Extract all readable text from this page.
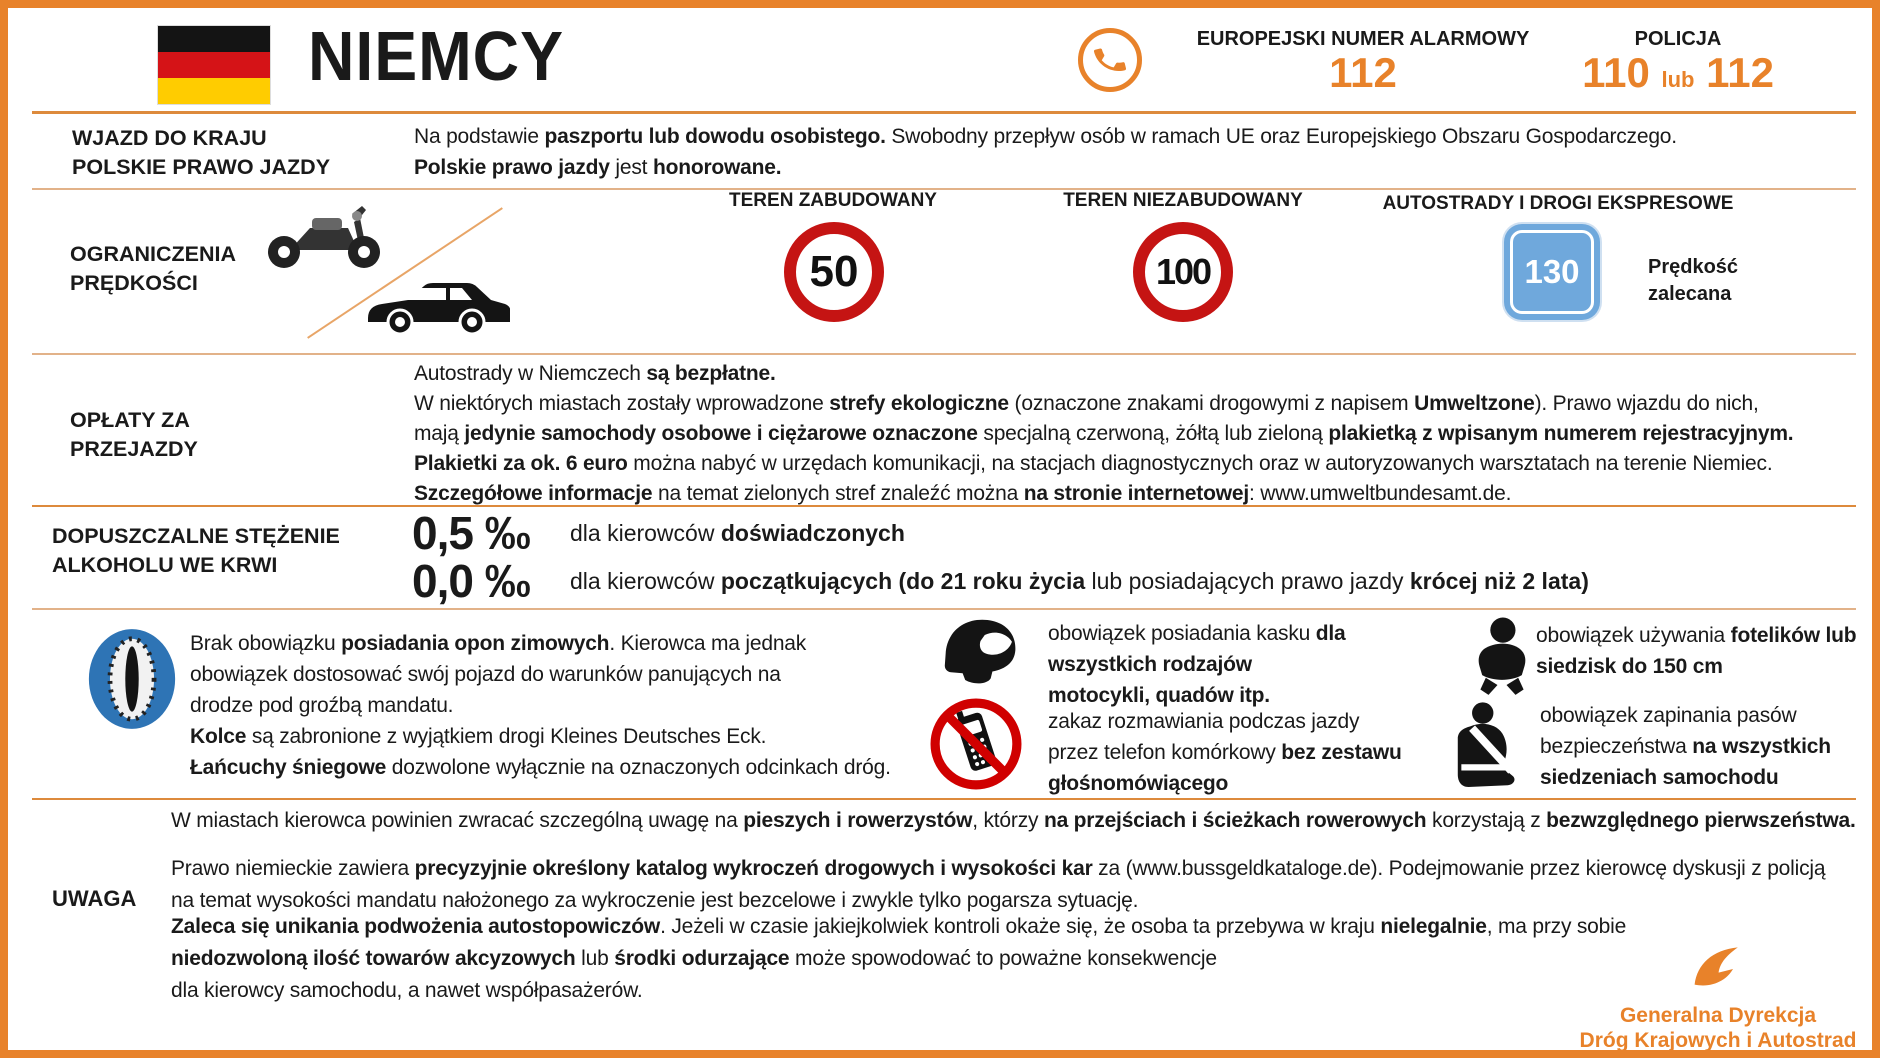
NIEMCY	EUROPEJSKI NUMER ALARMOWY
112
POLICJA
110 lub 112
WJAZD DO KRAJU
POLSKIE PRAWO JAZDY
Na podstawie paszportu lub dowodu osobistego. Swobodny przepływ osób w ramach UE oraz Europejskiego Obszaru Gospodarczego.
Polskie prawo jazdy jest honorowane.
OGRANICZENIA
PRĘDKOŚCI
TEREN ZABUDOWANY
50
TEREN NIEZABUDOWANY
100
AUTOSTRADY I DROGI EKSPRESOWE
130	Prędkość
zalecana
OPŁATY ZA
PRZEJAZDY
Autostrady w Niemczech są bezpłatne.
W niektórych miastach zostały wprowadzone strefy ekologiczne (oznaczone znakami drogowymi z napisem Umweltzone). Prawo wjazdu do nich,
mają jedynie samochody osobowe i ciężarowe oznaczone specjalną czerwoną, żółtą lub zieloną plakietką z wpisanym numerem rejestracyjnym.
Plakietki za ok. 6 euro można nabyć w urzędach komunikacji, na stacjach diagnostycznych oraz w autoryzowanych warsztatach na terenie Niemiec.
Szczegółowe informacje na temat zielonych stref znaleźć można na stronie internetowej: www.umweltbundesamt.de.
DOPUSZCZALNE STĘŻENIE
ALKOHOLU WE KRWI
0,5 ‰ dla kierowców doświadczonych
0,0 ‰ dla kierowców początkujących (do 21 roku życia lub posiadających prawo jazdy krócej niż 2 lata)
Brak obowiązku posiadania opon zimowych. Kierowca ma jednak obowiązek dostosować swój pojazd do warunków panujących na drodze pod groźbą mandatu.
Kolce są zabronione z wyjątkiem drogi Kleines Deutsches Eck.
Łańcuchy śniegowe dozwolone wyłącznie na oznaczonych odcinkach dróg.
obowiązek posiadania kasku dla wszystkich rodzajów motocykli, quadów itp.
zakaz rozmawiania podczas jazdy przez telefon komórkowy bez zestawu głośnomówiącego
obowiązek używania fotelików lub siedzisk do 150 cm
obowiązek zapinania pasów bezpieczeństwa na wszystkich siedzeniach samochodu
UWAGA
W miastach kierowca powinien zwracać szczególną uwagę na pieszych i rowerzystów, którzy na przejściach i ścieżkach rowerowych korzystają z bezwzględnego pierwszeństwa.
Prawo niemieckie zawiera precyzyjnie określony katalog wykroczeń drogowych i wysokości kar za (www.bussgeldkataloge.de). Podejmowanie przez kierowcę dyskusji z policją
na temat wysokości mandatu nałożonego za wykroczenie jest bezcelowe i zwykle tylko pogarsza sytuację.
Zaleca się unikania podwożenia autostopowiczów. Jeżeli w czasie jakiejkolwiek kontroli okaże się, że osoba ta przebywa w kraju nielegalnie, ma przy sobie
niedozwoloną ilość towarów akcyzowych lub środki odurzające może spowodować to poważne konsekwencje
dla kierowcy samochodu, a nawet współpasażerów.
Generalna Dyrekcja
Dróg Krajowych i Autostrad
